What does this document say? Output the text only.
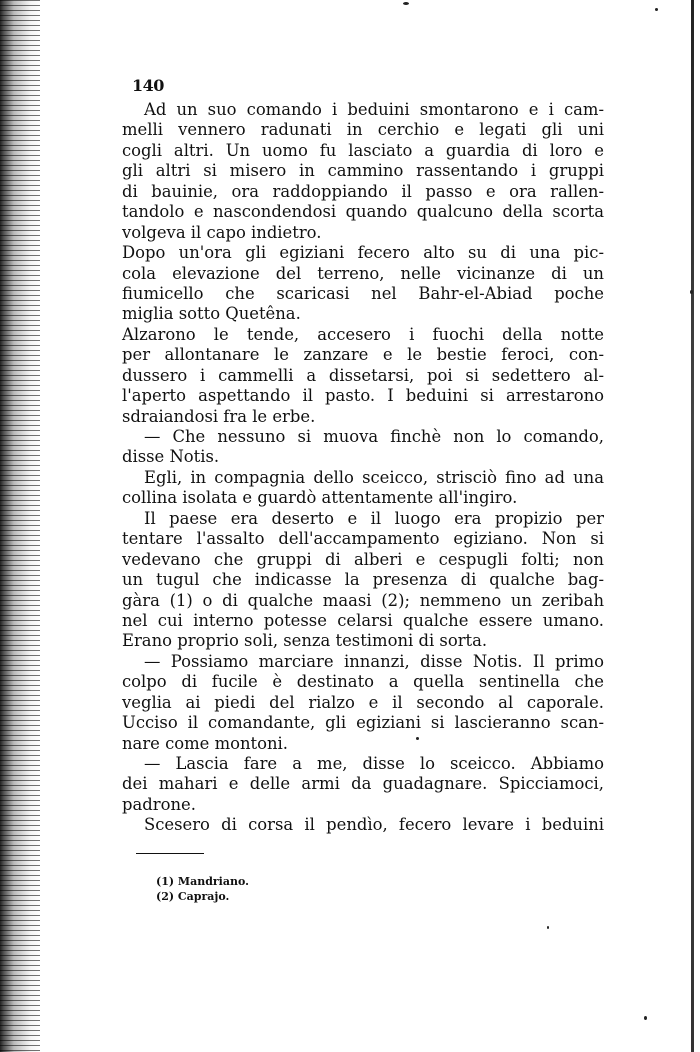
140
Ad un suo comando i beduini smontarono e i cam-
melli vennero radunati in cerchio e legati gli uni
cogli altri. Un uomo fu lasciato a guardia di loro e
gli altri si misero in cammino rassentando i gruppi
di bauinie, ora raddoppiando il passo e ora rallen-
tandolo e nascondendosi quando qualcuno della scorta
volgeva il capo indietro.
Dopo un'ora gli egiziani fecero alto su di una pic-
cola elevazione del terreno, nelle vicinanze di un
fiumicello che scaricasi nel Bahr-el-Abiad poche
miglia sotto Quetêna.
Alzarono le tende, accesero i fuochi della notte
per allontanare le zanzare e le bestie feroci, con-
dussero i cammelli a dissetarsi, poi si sedettero al-
l'aperto aspettando il pasto. I beduini si arrestarono
sdraiandosi fra le erbe.
— Che nessuno si muova finchè non lo comando,
disse Notis.
Egli, in compagnia dello sceicco, strisciò fino ad una
collina isolata e guardò attentamente all'ingiro.
Il paese era deserto e il luogo era propizio per
tentare l'assalto dell'accampamento egiziano. Non si
vedevano che gruppi di alberi e cespugli folti; non
un tugul che indicasse la presenza di qualche bag-
gàra (1) o di qualche maasi (2); nemmeno un zeribah
nel cui interno potesse celarsi qualche essere umano.
Erano proprio soli, senza testimoni di sorta.
— Possiamo marciare innanzi, disse Notis. Il primo
colpo di fucile è destinato a quella sentinella che
veglia ai piedi del rialzo e il secondo al caporale.
Ucciso il comandante, gli egiziani si lascieranno scan-
nare come montoni.
— Lascia fare a me, disse lo sceicco. Abbiamo
dei mahari e delle armi da guadagnare. Spicciamoci,
padrone.
Scesero di corsa il pendìo, fecero levare i beduini
(1) Mandriano.
(2) Caprajo.
